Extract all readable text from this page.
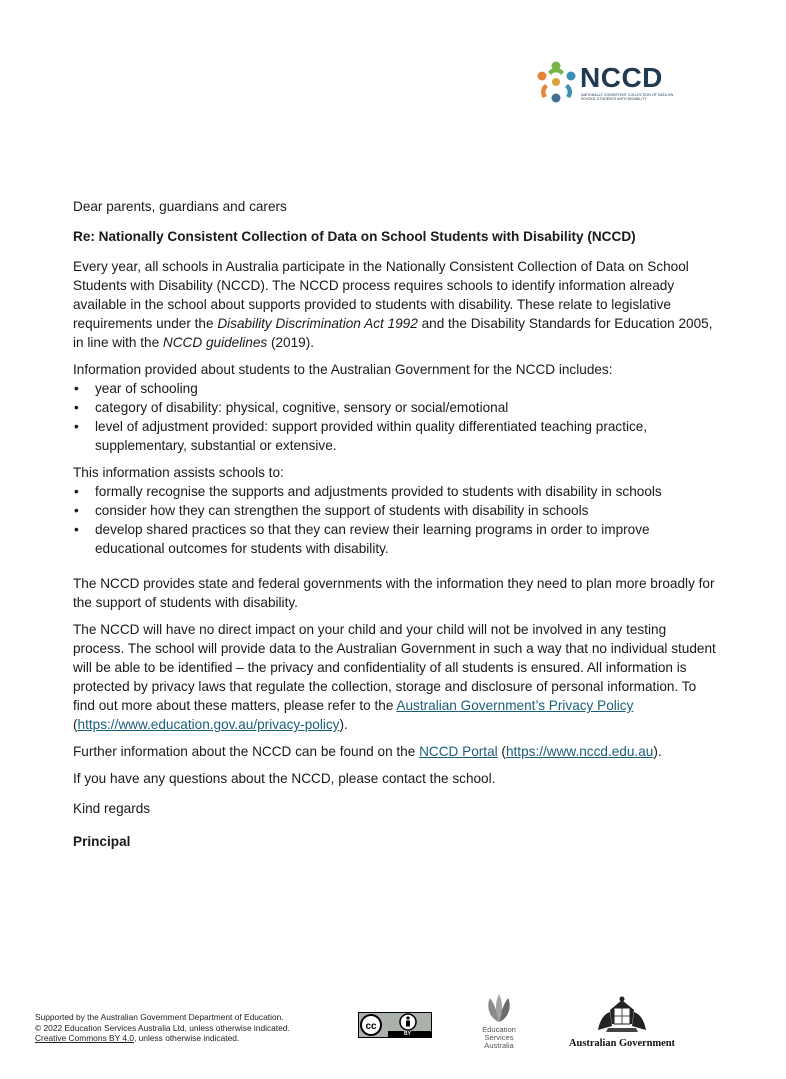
NCCD
NATIONALLY CONSISTENT COLLECTION OF DATA ON SCHOOL STUDENTS WITH DISABILITY

Dear parents, guardians and carers

Re: Nationally Consistent Collection of Data on School Students with Disability (NCCD)

Every year, all schools in Australia participate in the Nationally Consistent Collection of Data on School Students with Disability (NCCD). The NCCD process requires schools to identify information already available in the school about supports provided to students with disability. These relate to legislative requirements under the Disability Discrimination Act 1992 and the Disability Standards for Education 2005, in line with the NCCD guidelines (2019).

Information provided about students to the Australian Government for the NCCD includes:

• year of schooling
• category of disability: physical, cognitive, sensory or social/emotional
• level of adjustment provided: support provided within quality differentiated teaching practice, supplementary, substantial or extensive.

This information assists schools to:

• formally recognise the supports and adjustments provided to students with disability in schools
• consider how they can strengthen the support of students with disability in schools
• develop shared practices so that they can review their learning programs in order to improve educational outcomes for students with disability.

The NCCD provides state and federal governments with the information they need to plan more broadly for the support of students with disability.

The NCCD will have no direct impact on your child and your child will not be involved in any testing process. The school will provide data to the Australian Government in such a way that no individual student will be able to be identified – the privacy and confidentiality of all students is ensured. All information is protected by privacy laws that regulate the collection, storage and disclosure of personal information. To find out more about these matters, please refer to the Australian Government’s Privacy Policy
(https://www.education.gov.au/privacy-policy).

Further information about the NCCD can be found on the NCCD Portal (https://www.nccd.edu.au).

If you have any questions about the NCCD, please contact the school.

Kind regards

Principal

Supported by the Australian Government Department of Education.
© 2022 Education Services Australia Ltd, unless otherwise indicated.
Creative Commons BY 4.0, unless otherwise indicated.
cc
BY	Education
Services
Australia	Australian Government
